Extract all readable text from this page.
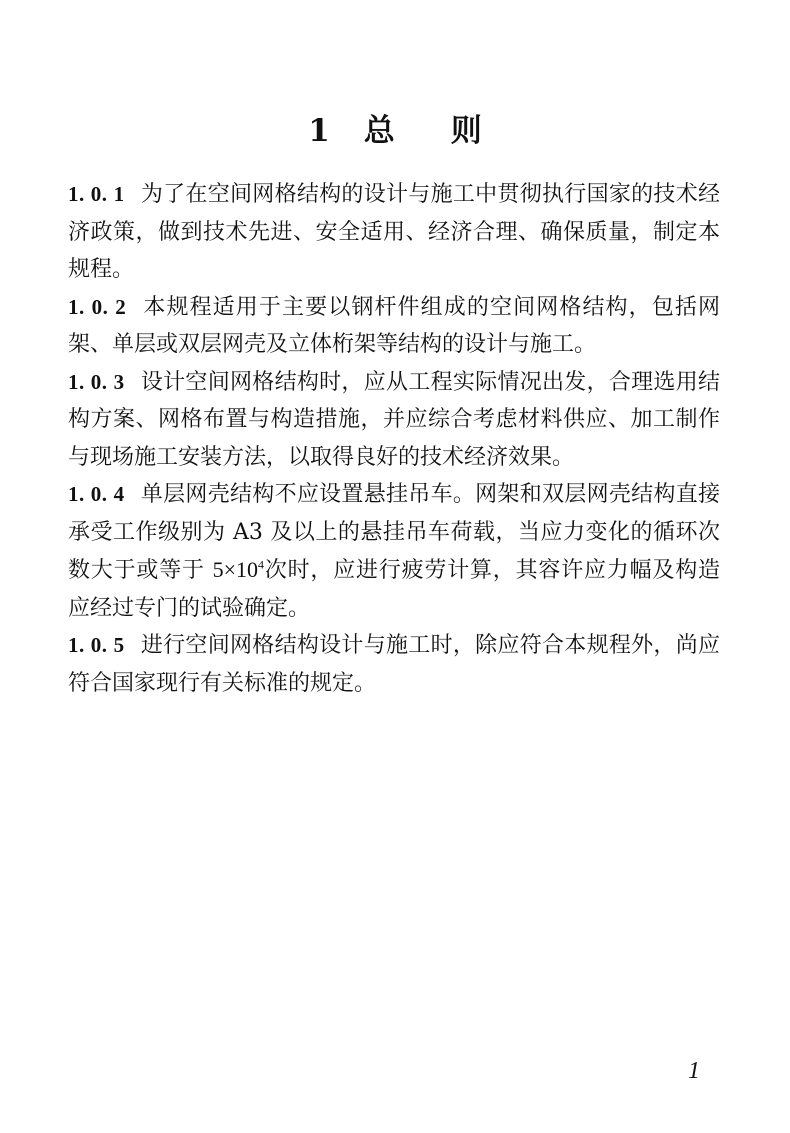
1 总 则

1. 0. 1 为了在空间网格结构的设计与施工中贯彻执行国家的技术经济政策，做到技术先进、安全适用、经济合理、确保质量，制定本规程。

1. 0. 2 本规程适用于主要以钢杆件组成的空间网格结构，包括网架、单层或双层网壳及立体桁架等结构的设计与施工。

1. 0. 3 设计空间网格结构时，应从工程实际情况出发，合理选用结构方案、网格布置与构造措施，并应综合考虑材料供应、加工制作与现场施工安装方法，以取得良好的技术经济效果。

1. 0. 4 单层网壳结构不应设置悬挂吊车。网架和双层网壳结构直接承受工作级别为 A3 及以上的悬挂吊车荷载，当应力变化的循环次数大于或等于 $5\times 10^4$次时，应进行疲劳计算，其容许应力幅及构造应经过专门的试验确定。

1. 0. 5 进行空间网格结构设计与施工时，除应符合本规程外，尚应符合国家现行有关标准的规定。

1
